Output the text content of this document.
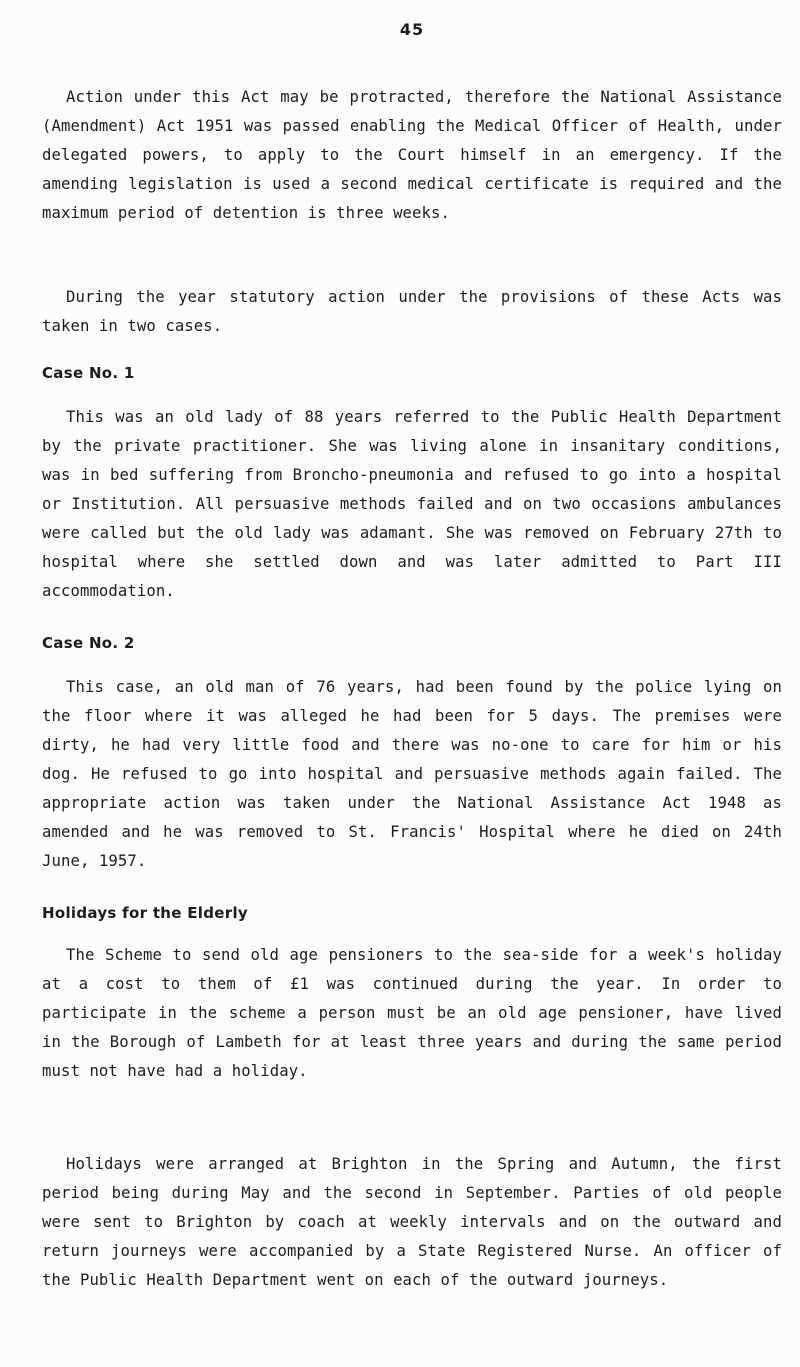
45

Action under this Act may be protracted, therefore the National Assistance (Amendment) Act 1951 was passed enabling the Medical Officer of Health, under delegated powers, to apply to the Court himself in an emergency. If the amending legislation is used a second medical certificate is required and the maximum period of detention is three weeks.

During the year statutory action under the provisions of these Acts was taken in two cases.

Case No. 1

This was an old lady of 88 years referred to the Public Health Department by the private practitioner. She was living alone in insanitary conditions, was in bed suffering from Broncho-pneumonia and refused to go into a hospital or Institution. All persuasive methods failed and on two occasions ambulances were called but the old lady was adamant. She was removed on February 27th to hospital where she settled down and was later admitted to Part III accommodation.

Case No. 2

This case, an old man of 76 years, had been found by the police lying on the floor where it was alleged he had been for 5 days. The premises were dirty, he had very little food and there was no-one to care for him or his dog. He refused to go into hospital and persuasive methods again failed. The appropriate action was taken under the National Assistance Act 1948 as amended and he was removed to St. Francis' Hospital where he died on 24th June, 1957.

Holidays for the Elderly

The Scheme to send old age pensioners to the sea-side for a week's holiday at a cost to them of £1 was continued during the year. In order to participate in the scheme a person must be an old age pensioner, have lived in the Borough of Lambeth for at least three years and during the same period must not have had a holiday.

Holidays were arranged at Brighton in the Spring and Autumn, the first period being during May and the second in September. Parties of old people were sent to Brighton by coach at weekly intervals and on the outward and return journeys were accompanied by a State Registered Nurse. An officer of the Public Health Department went on each of the outward journeys.
